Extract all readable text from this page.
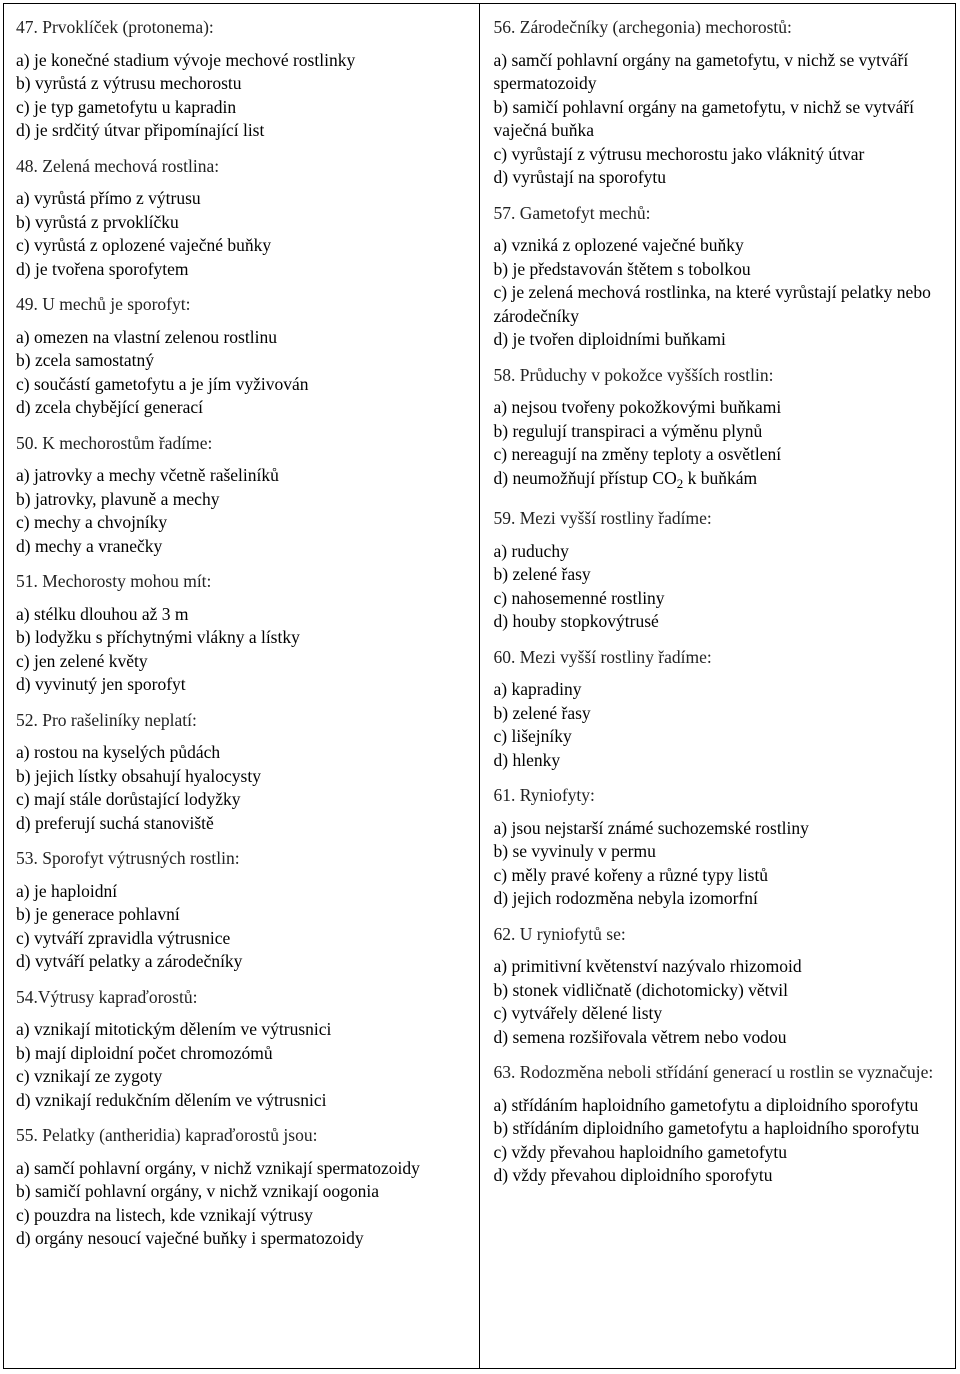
47. Prvoklíček (protonema):

a) je konečné stadium vývoje mechové rostlinky

b) vyrůstá z výtrusu mechorostu

c) je typ gametofytu u kapradin

d) je srdčitý útvar připomínající list

48. Zelená mechová rostlina:

a) vyrůstá přímo z výtrusu

b) vyrůstá z prvoklíčku

c) vyrůstá z oplozené vaječné buňky

d) je tvořena sporofytem

49. U mechů je sporofyt:

a) omezen na vlastní zelenou rostlinu

b) zcela samostatný

c) součástí gametofytu a je jím vyživován

d) zcela chybějící generací

50. K mechorostům řadíme:

a) jatrovky a mechy včetně rašeliníků

b) jatrovky, plavuně a mechy

c) mechy a chvojníky

d) mechy a vranečky

51. Mechorosty mohou mít:

a) stélku dlouhou až 3 m

b) lodyžku s příchytnými vlákny a lístky

c) jen zelené květy

d) vyvinutý jen sporofyt

52. Pro rašeliníky neplatí:

a) rostou na kyselých půdách

b) jejich lístky obsahují hyalocysty

c) mají stále dorůstající lodyžky

d) preferují suchá stanoviště

53. Sporofyt výtrusných rostlin:

a) je haploidní

b) je generace pohlavní

c) vytváří zpravidla výtrusnice

d) vytváří pelatky a zárodečníky

54.Výtrusy kapraďorostů:

a) vznikají mitotickým dělením ve výtrusnici

b) mají diploidní počet chromozómů

c) vznikají ze zygoty

d) vznikají redukčním dělením ve výtrusnici

55. Pelatky (antheridia) kapraďorostů jsou:

a) samčí pohlavní orgány, v nichž vznikají spermatozoidy

b) samičí pohlavní orgány, v nichž vznikají oogonia

c) pouzdra na listech, kde vznikají výtrusy

d) orgány nesoucí vaječné buňky i spermatozoidy

56. Zárodečníky (archegonia) mechorostů:

a) samčí pohlavní orgány na gametofytu, v nichž se vytváří spermatozoidy

b) samičí pohlavní orgány na gametofytu, v nichž se vytváří vaječná buňka

c) vyrůstají z výtrusu mechorostu jako vláknitý útvar

d) vyrůstají na sporofytu

57. Gametofyt mechů:

a) vzniká z oplozené vaječné buňky

b) je představován štětem s tobolkou

c) je zelená mechová rostlinka, na které vyrůstají pelatky nebo zárodečníky

d) je tvořen diploidními buňkami

58. Průduchy v pokožce vyšších rostlin:

a) nejsou tvořeny pokožkovými buňkami

b) regulují transpiraci a výměnu plynů

c) nereagují na změny teploty a osvětlení

d) neumožňují přístup $CO_2$ k buňkám

59. Mezi vyšší rostliny řadíme:

a) ruduchy

b) zelené řasy

c) nahosemenné rostliny

d) houby stopkovýtrusé

60. Mezi vyšší rostliny řadíme:

a) kapradiny

b) zelené řasy

c) lišejníky

d) hlenky

61. Ryniofyty:

a) jsou nejstarší známé suchozemské rostliny

b) se vyvinuly v permu

c) měly pravé kořeny a různé typy listů

d) jejich rodozměna nebyla izomorfní

62. U ryniofytů se:

a) primitivní květenství nazývalo rhizomoid

b) stonek vidličnatě (dichotomicky) větvil

c) vytvářely dělené listy

d) semena rozšiřovala větrem nebo vodou

63. Rodozměna neboli střídání generací u rostlin se vyznačuje:

a) střídáním haploidního gametofytu a diploidního sporofytu

b) střídáním diploidního gametofytu a haploidního sporofytu

c) vždy převahou haploidního gametofytu

d) vždy převahou diploidního sporofytu
